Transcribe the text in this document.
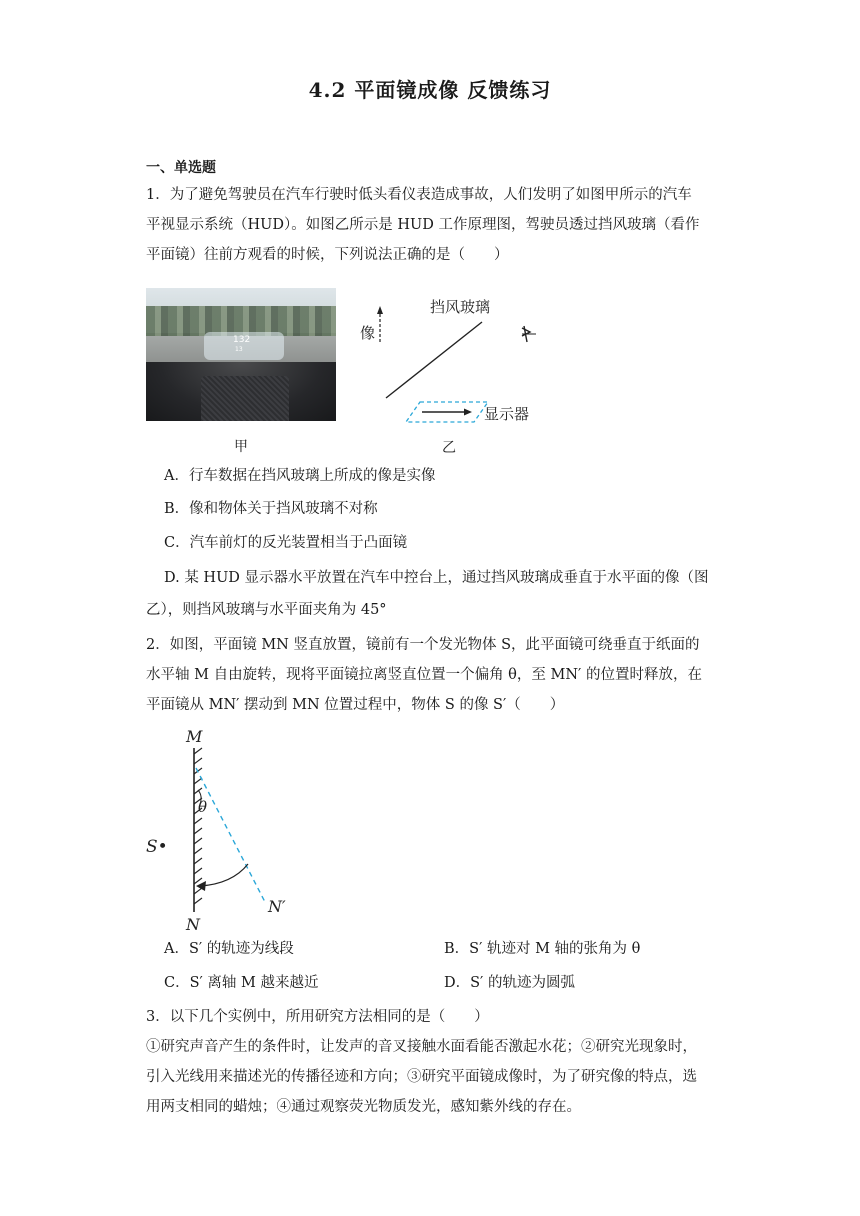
4.2 平面镜成像 反馈练习
一、单选题
1．为了避免驾驶员在汽车行驶时低头看仪表造成事故，人们发明了如图甲所示的汽车
平视显示系统（HUD）。如图乙所示是 HUD 工作原理图，驾驶员透过挡风玻璃（看作
平面镜）往前方观看的时候，下列说法正确的是（　　）
132
13
甲
挡风玻璃
像
显示器
乙
A．行车数据在挡风玻璃上所成的像是实像
B．像和物体关于挡风玻璃不对称
C．汽车前灯的反光装置相当于凸面镜
D. 某 HUD 显示器水平放置在汽车中控台上，通过挡风玻璃成垂直于水平面的像（图
乙），则挡风玻璃与水平面夹角为 45°
2．如图，平面镜 MN 竖直放置，镜前有一个发光物体 S，此平面镜可绕垂直于纸面的
水平轴 M 自由旋转，现将平面镜拉离竖直位置一个偏角 θ，至 MN′ 的位置时释放，在
平面镜从 MN′ 摆动到 MN 位置过程中，物体 S 的像 S′（　　）
M
θ
S•
N′
N
A．S′ 的轨迹为线段	B．S′ 轨迹对 M 轴的张角为 θ
C．S′ 离轴 M 越来越近	D．S′ 的轨迹为圆弧
3．以下几个实例中，所用研究方法相同的是（　　）
①研究声音产生的条件时，让发声的音叉接触水面看能否激起水花；②研究光现象时，
引入光线用来描述光的传播径迹和方向；③研究平面镜成像时，为了研究像的特点，选
用两支相同的蜡烛；④通过观察荧光物质发光，感知紫外线的存在。
